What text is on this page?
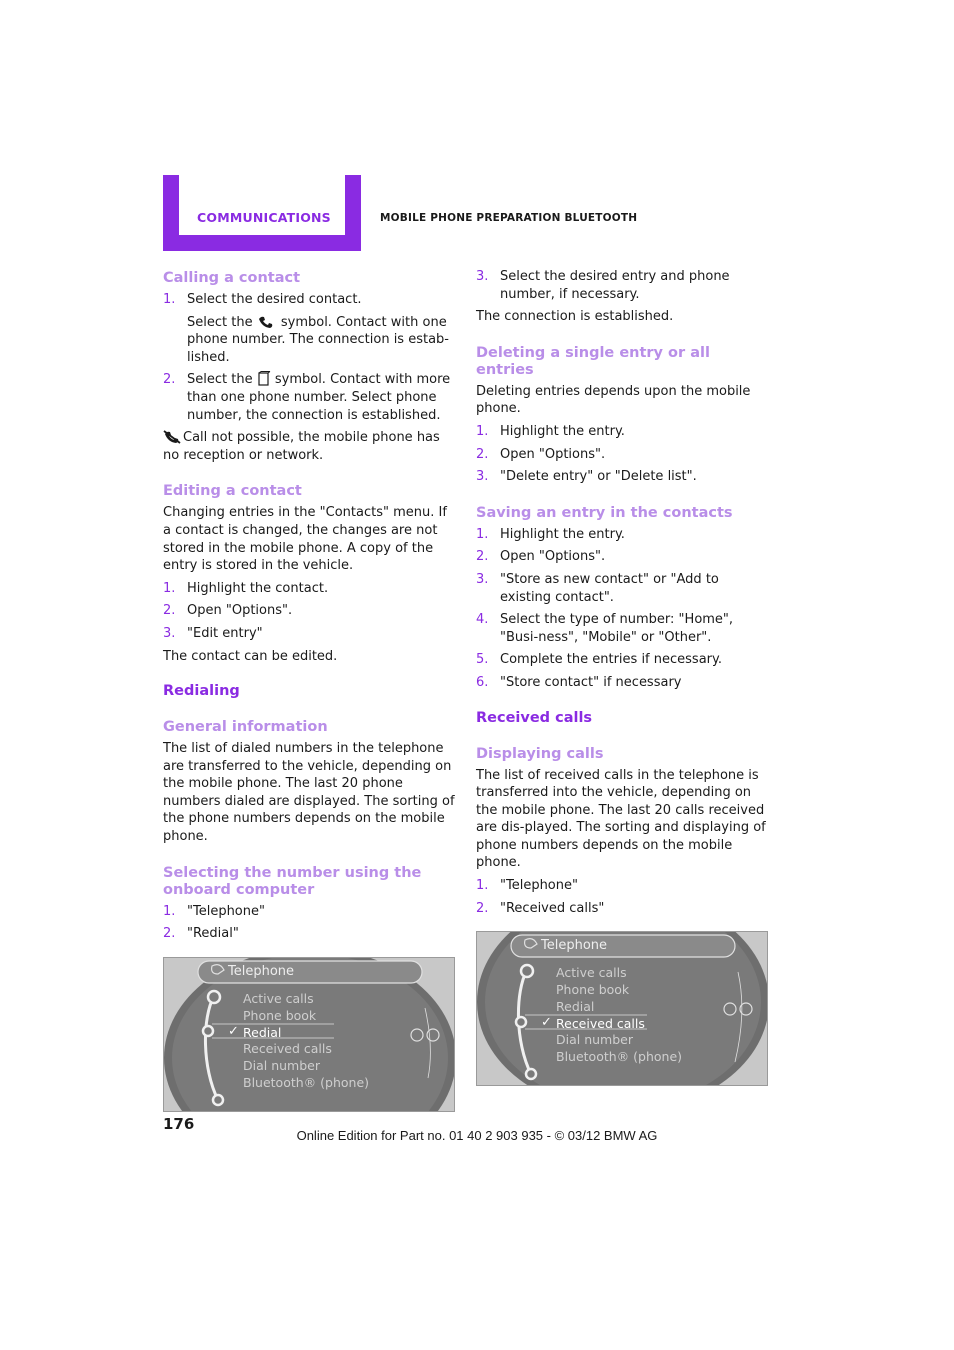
COMMUNICATIONS	MOBILE PHONE PREPARATION BLUETOOTH
Calling a contact
1. Select the desired contact.
Select the symbol. Contact with one phone number. The connection is estab-lished.
2. Select the symbol. Contact with more than one phone number. Select phone number, the connection is established.

Call not possible, the mobile phone has no reception or network.

Editing a contact

Changing entries in the "Contacts" menu. If a contact is changed, the changes are not stored in the mobile phone. A copy of the entry is stored in the vehicle.

1. Highlight the contact.
2. Open "Options".
3. "Edit entry"

The contact can be edited.

Redialing
General information

The list of dialed numbers in the telephone are transferred to the vehicle, depending on the mobile phone. The last 20 phone numbers dialed are displayed. The sorting of the phone numbers depends on the mobile phone.

Selecting the number using the onboard computer
1. "Telephone"
2. "Redial"
Telephone
Active calls
Phone book
✓ Redial
Received calls
Dial number
Bluetooth® (phone)
3. Select the desired entry and phone number, if necessary.

The connection is established.

Deleting a single entry or all entries

Deleting entries depends upon the mobile phone.

1. Highlight the entry.
2. Open "Options".
3. "Delete entry" or "Delete list".
Saving an entry in the contacts
1. Highlight the entry.
2. Open "Options".
3. "Store as new contact" or "Add to existing contact".
4. Select the type of number: "Home", "Busi-ness", "Mobile" or "Other".
5. Complete the entries if necessary.
6. "Store contact" if necessary
Received calls
Displaying calls

The list of received calls in the telephone is transferred into the vehicle, depending on the mobile phone. The last 20 calls received are dis-played. The sorting and displaying of phone numbers depends on the mobile phone.

1. "Telephone"
2. "Received calls"
Telephone
Active calls
Phone book
Redial
✓ Received calls
Dial number
Bluetooth® (phone)
176
Online Edition for Part no. 01 40 2 903 935 - © 03/12 BMW AG
